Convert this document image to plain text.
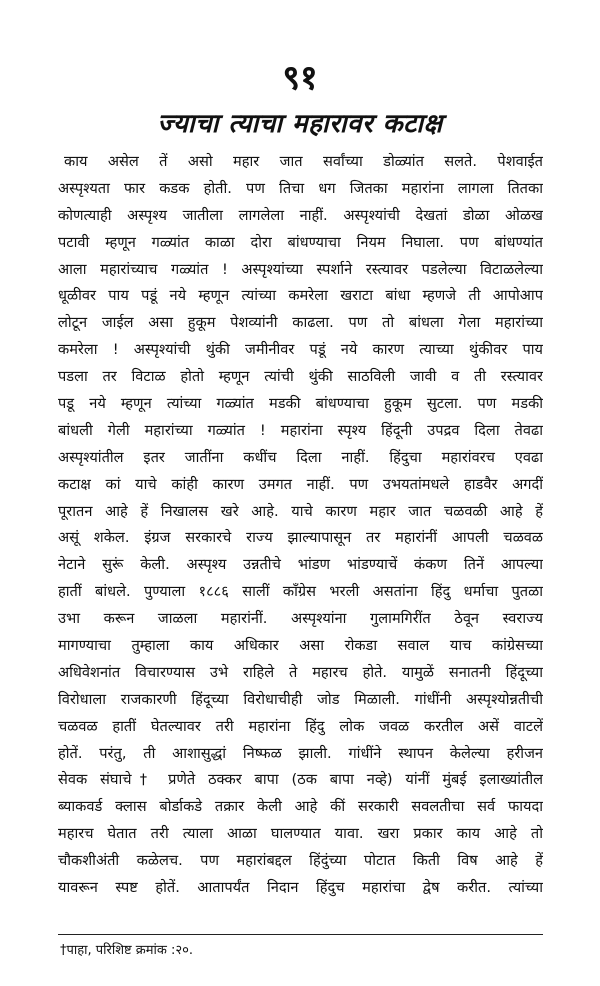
९१
ज्याचा त्याचा महारावर कटाक्ष
काय असेल तें असो महार जात सर्वांच्या डोळ्यांत सलते. पेशवाईत
अस्पृश्यता फार कडक होती. पण तिचा धग जितका महारांना लागला तितका
कोणत्याही अस्पृश्य जातीला लागलेला नाहीं. अस्पृश्यांची देखतां डोळा ओळख
पटावी म्हणून गळ्यांत काळा दोरा बांधण्याचा नियम निघाला. पण बांधण्यांत
आला महारांच्याच गळ्यांत ! अस्पृश्यांच्या स्पर्शाने रस्त्यावर पडलेल्या विटाळलेल्या
धूळीवर पाय पडूं नये म्हणून त्यांच्या कमरेला खराटा बांधा म्हणजे ती आपोआप
लोटून जाईल असा हुकूम पेशव्यांनी काढला. पण तो बांधला गेला महारांच्या
कमरेला ! अस्पृश्यांची थुंकी जमीनीवर पडूं नये कारण त्याच्या थुंकीवर पाय
पडला तर विटाळ होतो म्हणून त्यांची थुंकी साठविली जावी व ती रस्त्यावर
पडू नये म्हणून त्यांच्या गळ्यांत मडकी बांधण्याचा हुकूम सुटला. पण मडकी
बांधली गेली महारांच्या गळ्यांत ! महारांना स्पृश्य हिंदूनी उपद्रव दिला तेवढा
अस्पृश्यांतील इतर जातींना कधींच दिला नाहीं. हिंदुचा महारांवरच एवढा
कटाक्ष कां याचे कांही कारण उमगत नाहीं. पण उभयतांमधले हाडवैर अगदीं
पूरातन आहे हें निखालस खरे आहे. याचे कारण महार जात चळवळी आहे हें
असूं शकेल. इंग्रज सरकारचे राज्य झाल्यापासून तर महारांनीं आपली चळवळ
नेटाने सुरूं केली. अस्पृश्य उन्नतीचे भांडण भांडण्याचें कंकण तिनें आपल्या
हातीं बांधले. पुण्याला १८८६ सालीं कॉंग्रेस भरली असतांना हिंदु धर्माचा पुतळा
उभा करून जाळला महारांनीं. अस्पृश्यांना गुलामगिरींत ठेवून स्वराज्य
मागण्याचा तुम्हाला काय अधिकार असा रोकडा सवाल याच कांग्रेसच्या
अधिवेशनांत विचारण्यास उभे राहिले ते महारच होते. यामुळें सनातनी हिंदूच्या
विरोधाला राजकारणी हिंदूच्या विरोधाचीही जोड मिळाली. गांधींनी अस्पृश्योन्नतीची
चळवळ हातीं घेतल्यावर तरी महारांना हिंदु लोक जवळ करतील असें वाटलें
होतें. परंतु, ती आशासुद्धां निष्फळ झाली. गांधींने स्थापन केलेल्या हरीजन
सेवक संघाचे† प्रणेते ठक्कर बापा (ठक बापा नव्हे) यांनीं मुंबई इलाख्यांतील
ब्याकवर्ड क्लास बोर्डाकडे तक्रार केली आहे कीं सरकारी सवलतीचा सर्व फायदा
महारच घेतात तरी त्याला आळा घालण्यात यावा. खरा प्रकार काय आहे तो
चौकशीअंती कळेलच. पण महारांबद्दल हिंदुंच्या पोटात किती विष आहे हें
यावरून स्पष्ट होतें. आतापर्यंत निदान हिंदुच महारांचा द्वेष करीत. त्यांच्या
†पाहा, परिशिष्ट क्रमांक :२०.
